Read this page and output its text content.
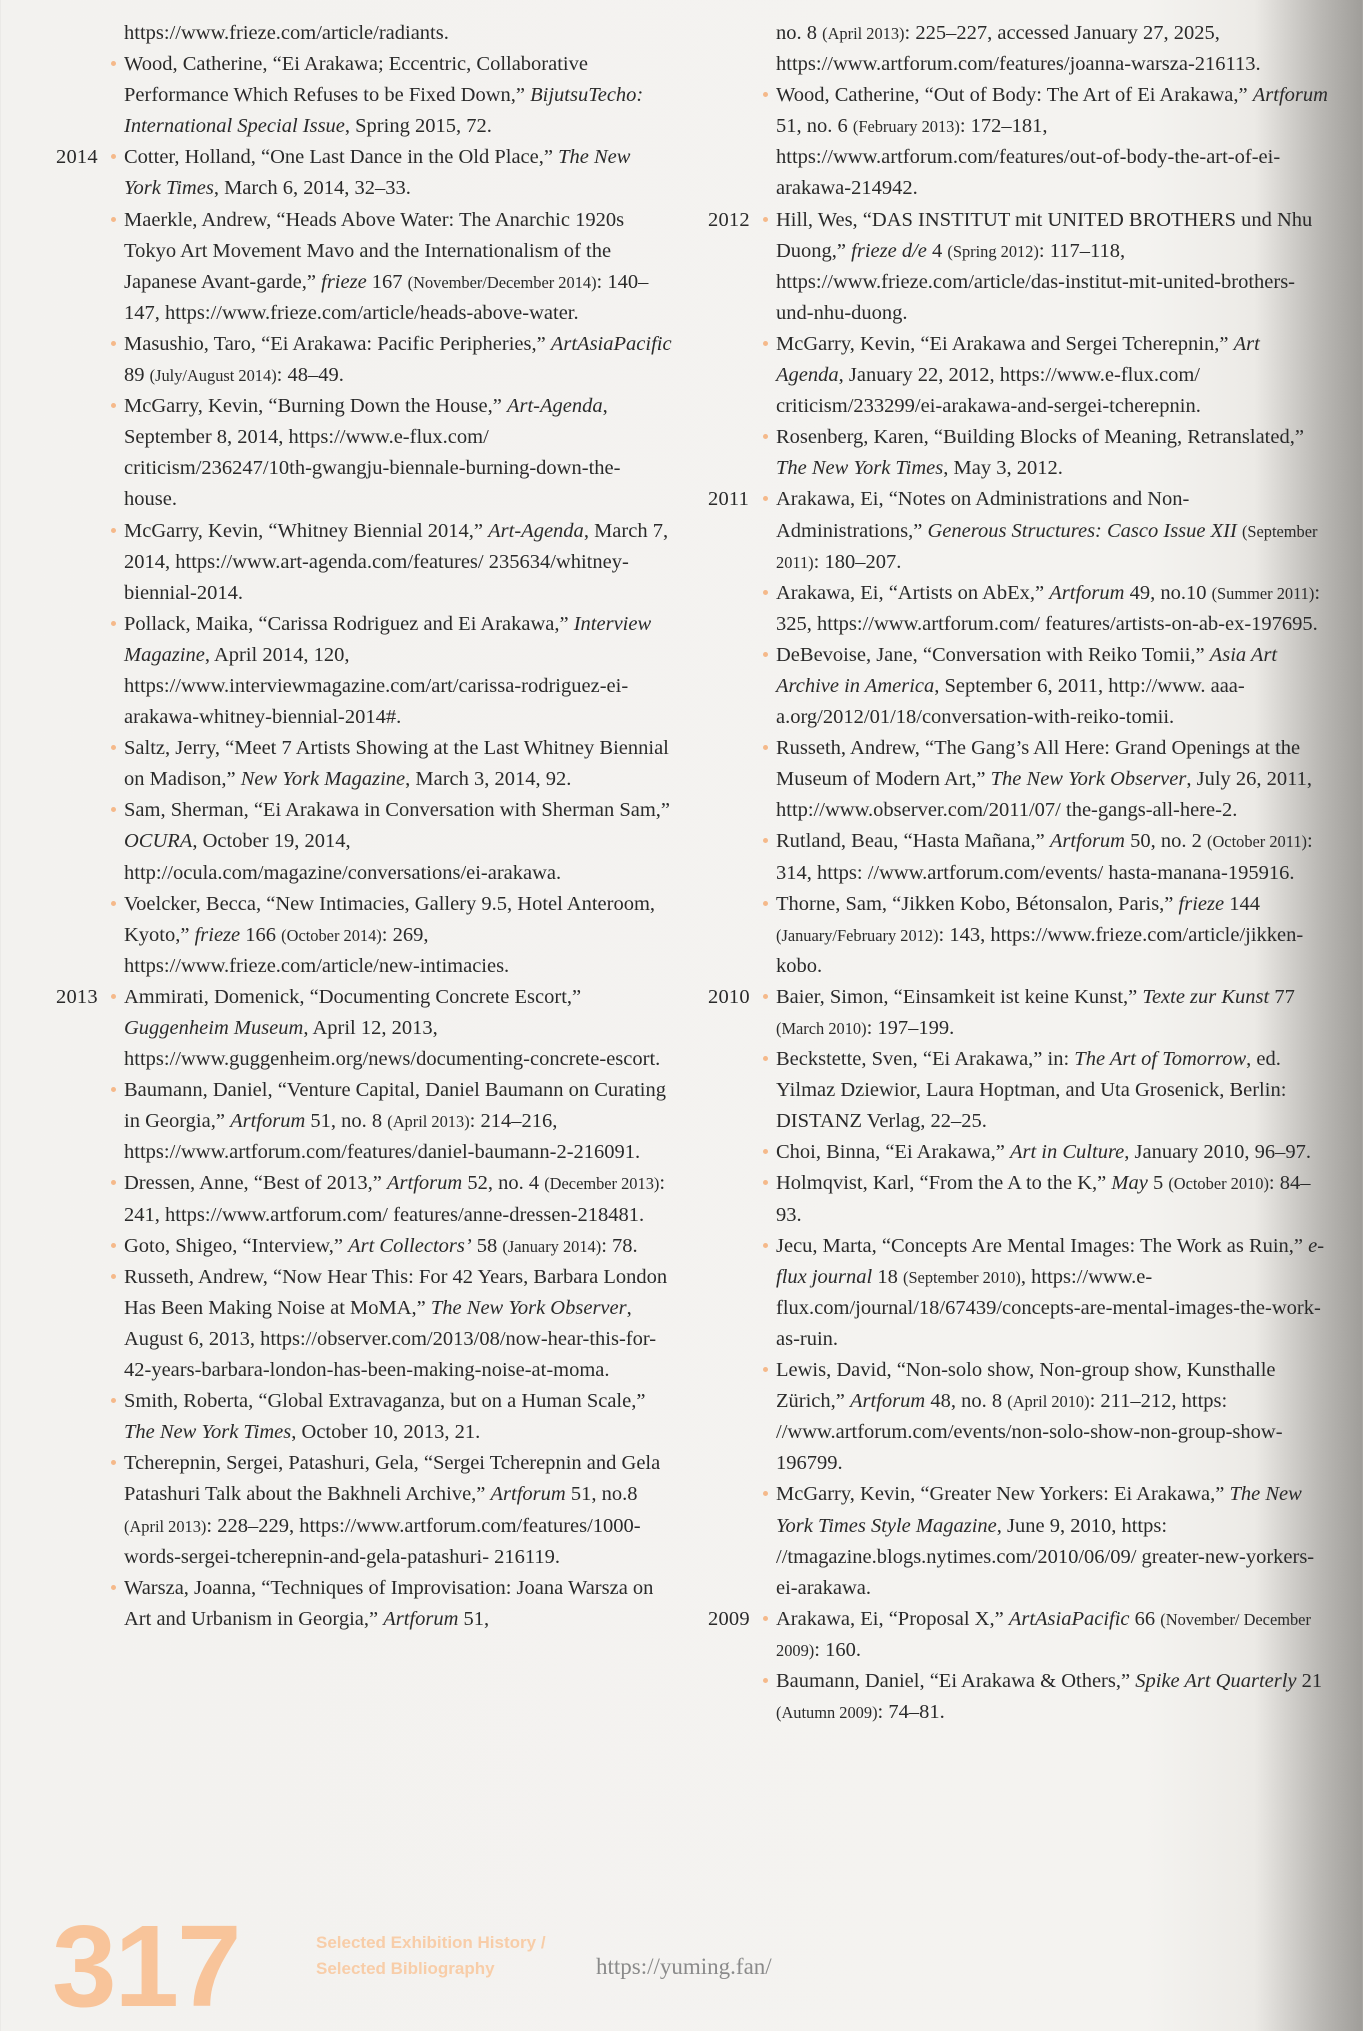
https://www.frieze.com/article/radiants.
Wood, Catherine, “Ei Arakawa; Eccentric, Collaborative Performance Which Refuses to be Fixed Down,” BijutsuTecho: International Special Issue, Spring 2015, 72.
2014	Cotter, Holland, “One Last Dance in the Old Place,” The New York Times, March 6, 2014, 32–33.
Maerkle, Andrew, “Heads Above Water: The Anarchic 1920s Tokyo Art Movement Mavo and the Internationalism of the Japanese Avant-garde,” frieze 167 (November/December 2014): 140–147, https://www.frieze.com/article/heads-above-water.
Masushio, Taro, “Ei Arakawa: Pacific Peripheries,” ArtAsiaPacific 89 (July/August 2014): 48–49.
McGarry, Kevin, “Burning Down the House,” Art-Agenda, September 8, 2014, https://www.e-flux.com/ criticism/236247/10th-gwangju-biennale-burning-down-the-house.
McGarry, Kevin, “Whitney Biennial 2014,” Art-Agenda, March 7, 2014, https://www.art-agenda.com/features/ 235634/whitney-biennial-2014.
Pollack, Maika, “Carissa Rodriguez and Ei Arakawa,” Interview Magazine, April 2014, 120, https://www.interviewmagazine.com/art/carissa-rodriguez-ei-arakawa-whitney-biennial-2014#.
Saltz, Jerry, “Meet 7 Artists Showing at the Last Whitney Biennial on Madison,” New York Magazine, March 3, 2014, 92.
Sam, Sherman, “Ei Arakawa in Conversation with Sherman Sam,” OCURA, October 19, 2014, http://ocula.com/magazine/conversations/ei-arakawa.
Voelcker, Becca, “New Intimacies, Gallery 9.5, Hotel Anteroom, Kyoto,” frieze 166 (October 2014): 269, https://www.frieze.com/article/new-intimacies.
2013	Ammirati, Domenick, “Documenting Concrete Escort,” Guggenheim Museum, April 12, 2013, https://www.guggenheim.org/news/documenting-concrete-escort.
Baumann, Daniel, “Venture Capital, Daniel Baumann on Curating in Georgia,” Artforum 51, no. 8 (April 2013): 214–216, https://www.artforum.com/features/daniel-baumann-2-216091.
Dressen, Anne, “Best of 2013,” Artforum 52, no. 4 (December 2013): 241, https://www.artforum.com/ features/anne-dressen-218481.
Goto, Shigeo, “Interview,” Art Collectors’ 58 (January 2014): 78.
Russeth, Andrew, “Now Hear This: For 42 Years, Barbara London Has Been Making Noise at MoMA,” The New York Observer, August 6, 2013, https://observer.com/2013/08/now-hear-this-for-42-years-barbara-london-has-been-making-noise-at-moma.
Smith, Roberta, “Global Extravaganza, but on a Human Scale,” The New York Times, October 10, 2013, 21.
Tcherepnin, Sergei, Patashuri, Gela, “Sergei Tcherepnin and Gela Patashuri Talk about the Bakhneli Archive,” Artforum 51, no.8 (April 2013): 228–229, https://www.artforum.com/features/1000-words-sergei-tcherepnin-and-gela-patashuri- 216119.
Warsza, Joanna, “Techniques of Improvisation: Joana Warsza on Art and Urbanism in Georgia,” Artforum 51,
no. 8 (April 2013): 225–227, accessed January 27, 2025, https://www.artforum.com/features/joanna-warsza-216113.
Wood, Catherine, “Out of Body: The Art of Ei Arakawa,” Artforum 51, no. 6 (February 2013): 172–181, https://www.artforum.com/features/out-of-body-the-art-of-ei-arakawa-214942.
2012	Hill, Wes, “DAS INSTITUT mit UNITED BROTHERS und Nhu Duong,” frieze d/e 4 (Spring 2012): 117–118, https://www.frieze.com/article/das-institut-mit-united-brothers-und-nhu-duong.
McGarry, Kevin, “Ei Arakawa and Sergei Tcherepnin,” Art Agenda, January 22, 2012, https://www.e-flux.com/ criticism/233299/ei-arakawa-and-sergei-tcherepnin.
Rosenberg, Karen, “Building Blocks of Meaning, Retranslated,” The New York Times, May 3, 2012.
2011	Arakawa, Ei, “Notes on Administrations and Non-Administrations,” Generous Structures: Casco Issue XII (September 2011): 180–207.
Arakawa, Ei, “Artists on AbEx,” Artforum 49, no.10 (Summer 2011): 325, https://www.artforum.com/ features/artists-on-ab-ex-197695.
DeBevoise, Jane, “Conversation with Reiko Tomii,” Asia Art Archive in America, September 6, 2011, http://www. aaa-a.org/2012/01/18/conversation-with-reiko-tomii.
Russeth, Andrew, “The Gang’s All Here: Grand Openings at the Museum of Modern Art,” The New York Observer, July 26, 2011, http://www.observer.com/2011/07/ the-gangs-all-here-2.
Rutland, Beau, “Hasta Mañana,” Artforum 50, no. 2 (October 2011): 314, https: //www.artforum.com/events/ hasta-manana-195916.
Thorne, Sam, “Jikken Kobo, Bétonsalon, Paris,” frieze 144 (January/February 2012): 143, https://www.frieze.com/article/jikken-kobo.
2010	Baier, Simon, “Einsamkeit ist keine Kunst,” Texte zur Kunst 77 (March 2010): 197–199.
Beckstette, Sven, “Ei Arakawa,” in: The Art of Tomorrow, ed. Yilmaz Dziewior, Laura Hoptman, and Uta Grosenick, Berlin: DISTANZ Verlag, 22–25.
Choi, Binna, “Ei Arakawa,” Art in Culture, January 2010, 96–97.
Holmqvist, Karl, “From the A to the K,” May 5 (October 2010): 84–93.
Jecu, Marta, “Concepts Are Mental Images: The Work as Ruin,” e-flux journal 18 (September 2010), https://www.e-flux.com/journal/18/67439/concepts-are-mental-images-the-work-as-ruin.
Lewis, David, “Non-solo show, Non-group show, Kunsthalle Zürich,” Artforum 48, no. 8 (April 2010): 211–212, https: //www.artforum.com/events/non-solo-show-non-group-show-196799.
McGarry, Kevin, “Greater New Yorkers: Ei Arakawa,” The New York Times Style Magazine, June 9, 2010, https: //tmagazine.blogs.nytimes.com/2010/06/09/ greater-new-yorkers-ei-arakawa.
2009	Arakawa, Ei, “Proposal X,” ArtAsiaPacific 66 (November/ December 2009): 160.
Baumann, Daniel, “Ei Arakawa & Others,” Spike Art Quarterly 21 (Autumn 2009): 74–81.
317	Selected Exhibition History /
Selected Bibliography	https://yuming.fan/
